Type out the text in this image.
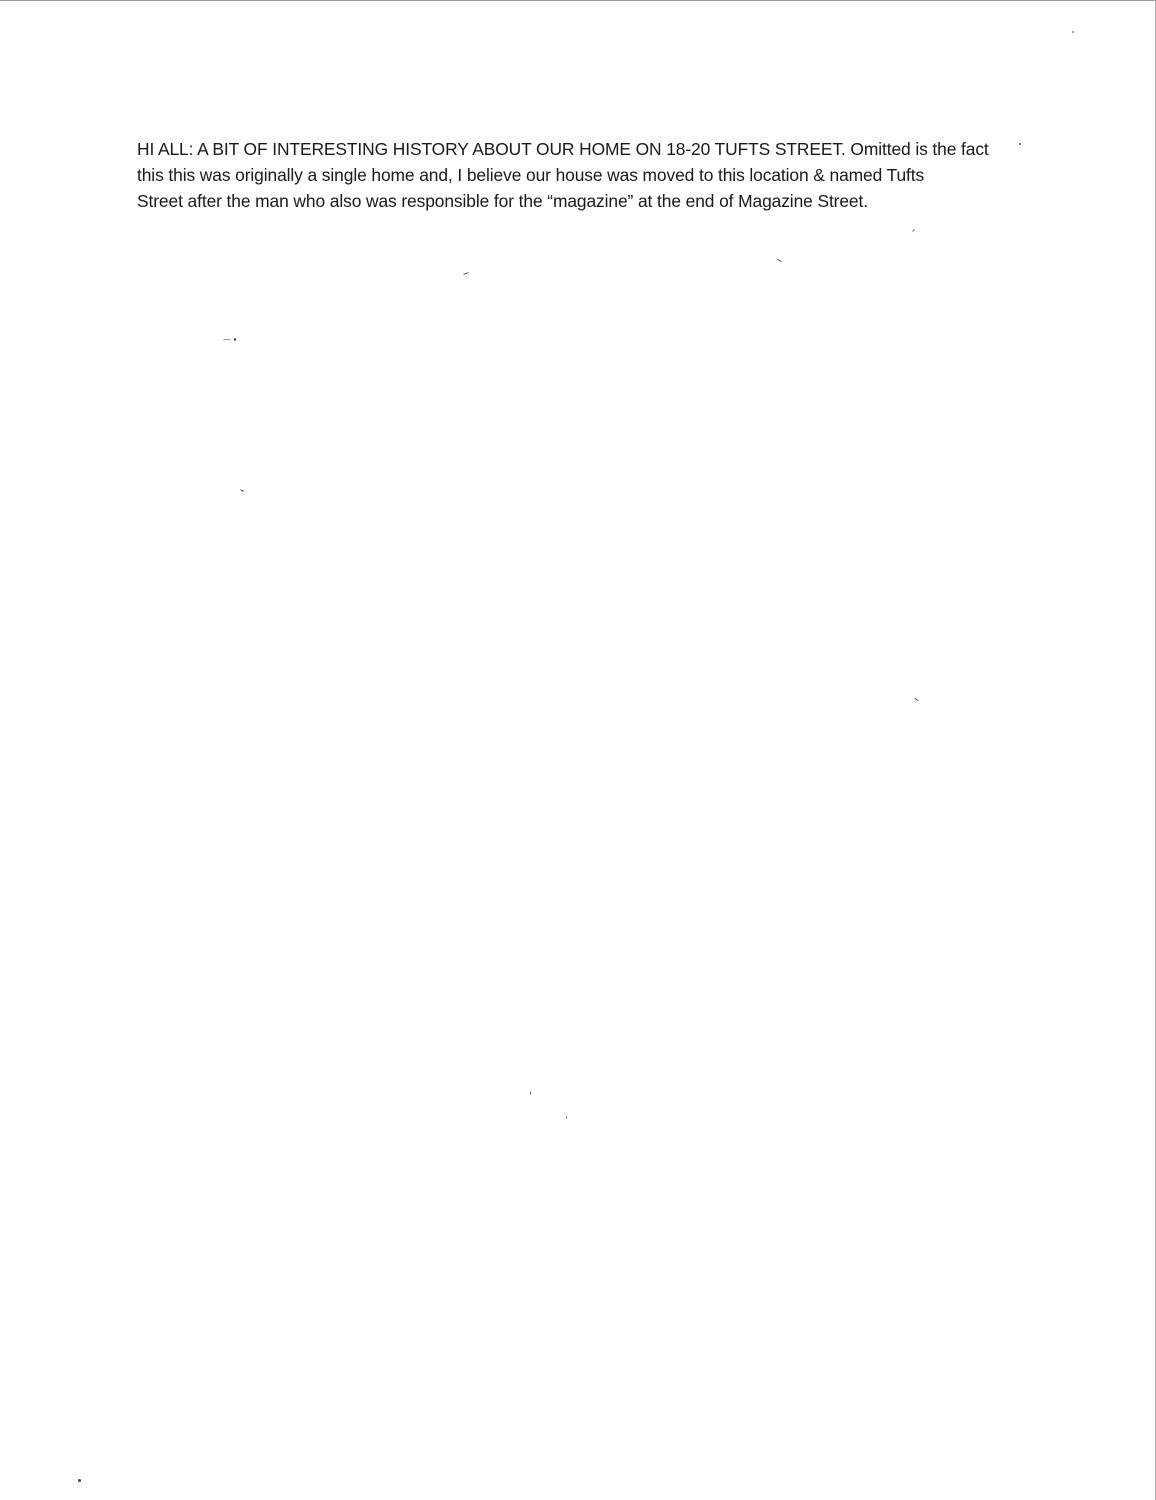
HI ALL: A BIT OF INTERESTING HISTORY ABOUT OUR HOME ON 18-20 TUFTS STREET. Omitted is the fact
this this was originally a single home and, I believe our house was moved to this location & named Tufts
Street after the man who also was responsible for the “magazine” at the end of Magazine Street.
